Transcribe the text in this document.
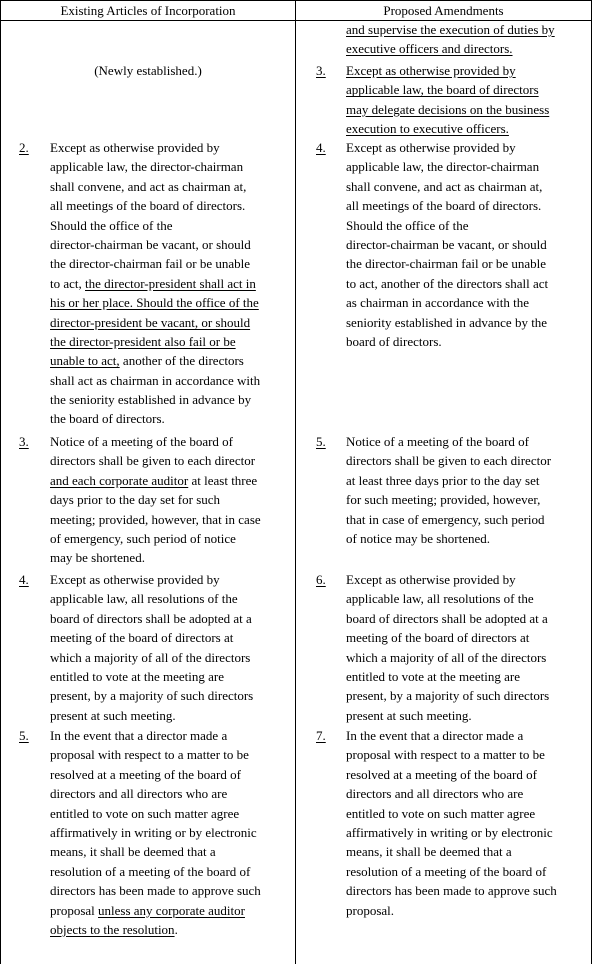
Existing Articles of Incorporation	Proposed Amendments
(Newly established.)
2. Except as otherwise provided by
applicable law, the director-chairman
shall convene, and act as chairman at,
all meetings of the board of directors.
Should the office of the
director-chairman be vacant, or should
the director-chairman fail or be unable
to act, the director-president shall act in
his or her place. Should the office of the
director-president be vacant, or should
the director-president also fail or be
unable to act, another of the directors
shall act as chairman in accordance with
the seniority established in advance by
the board of directors.
3. Notice of a meeting of the board of
directors shall be given to each director
and each corporate auditor at least three
days prior to the day set for such
meeting; provided, however, that in case
of emergency, such period of notice
may be shortened.
4. Except as otherwise provided by
applicable law, all resolutions of the
board of directors shall be adopted at a
meeting of the board of directors at
which a majority of all of the directors
entitled to vote at the meeting are
present, by a majority of such directors
present at such meeting.
5. In the event that a director made a
proposal with respect to a matter to be
resolved at a meeting of the board of
directors and all directors who are
entitled to vote on such matter agree
affirmatively in writing or by electronic
means, it shall be deemed that a
resolution of a meeting of the board of
directors has been made to approve such
proposal unless any corporate auditor
objects to the resolution.
and supervise the execution of duties by
executive officers and directors.
3. Except as otherwise provided by
applicable law, the board of directors
may delegate decisions on the business
execution to executive officers.
4. Except as otherwise provided by
applicable law, the director-chairman
shall convene, and act as chairman at,
all meetings of the board of directors.
Should the office of the
director-chairman be vacant, or should
the director-chairman fail or be unable
to act, another of the directors shall act
as chairman in accordance with the
seniority established in advance by the
board of directors.
5. Notice of a meeting of the board of
directors shall be given to each director
at least three days prior to the day set
for such meeting; provided, however,
that in case of emergency, such period
of notice may be shortened.
6. Except as otherwise provided by
applicable law, all resolutions of the
board of directors shall be adopted at a
meeting of the board of directors at
which a majority of all of the directors
entitled to vote at the meeting are
present, by a majority of such directors
present at such meeting.
7. In the event that a director made a
proposal with respect to a matter to be
resolved at a meeting of the board of
directors and all directors who are
entitled to vote on such matter agree
affirmatively in writing or by electronic
means, it shall be deemed that a
resolution of a meeting of the board of
directors has been made to approve such
proposal.
